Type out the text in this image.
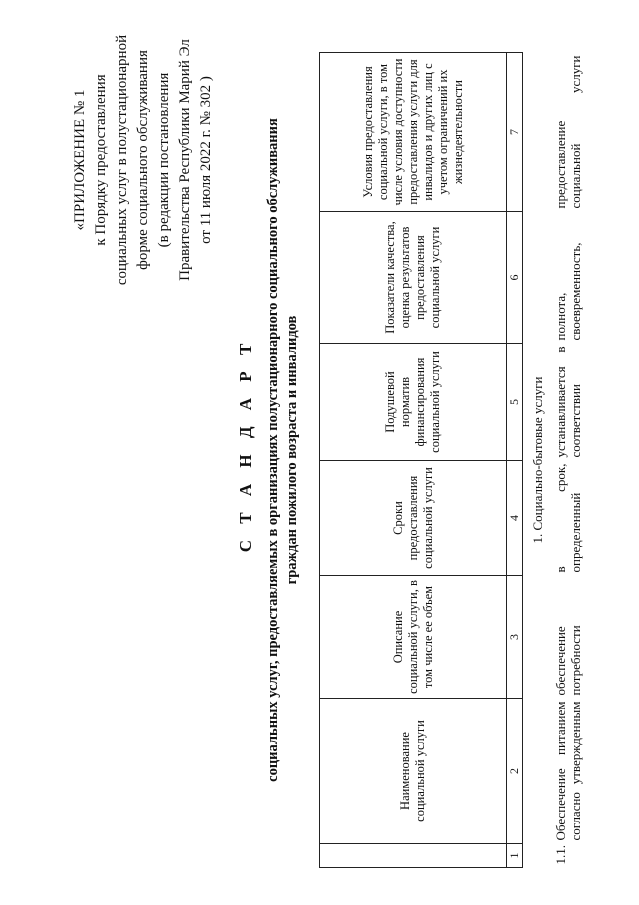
«ПРИЛОЖЕНИЕ № 1 к Порядку предоставления социальных услуг в полустационарной форме социального обслуживания (в редакции постановления Правительства Республики Марий Эл от 11 июля 2022 г. № 302 )
С Т А Н Д А Р Т социальных услуг, предоставляемых в организациях полустационарного социального обслуживания граждан пожилого возраста и инвалидов
	Наименование социальной услуги	Описание социальной услуги, в том числе ее объем	Сроки предоставления социальной услуги	Подушевой норматив финансирования социальной услуги	Показатели качества, оценка результатов предоставления социальной услуги	Условия предоставления социальной услуги, в том числе условия доступности предоставления услуги для инвалидов и других лиц с учетом ограничений их жизнедеятельности
1	2	3	4	5	6	7
1. Социально-бытовые услуги						
1.1.	Обеспечение питанием согласно утвержденным	обеспечение потребности	в срок, определенный	устанавливается в соответствии	полнота, своевременность,	предоставление социальной услуги
